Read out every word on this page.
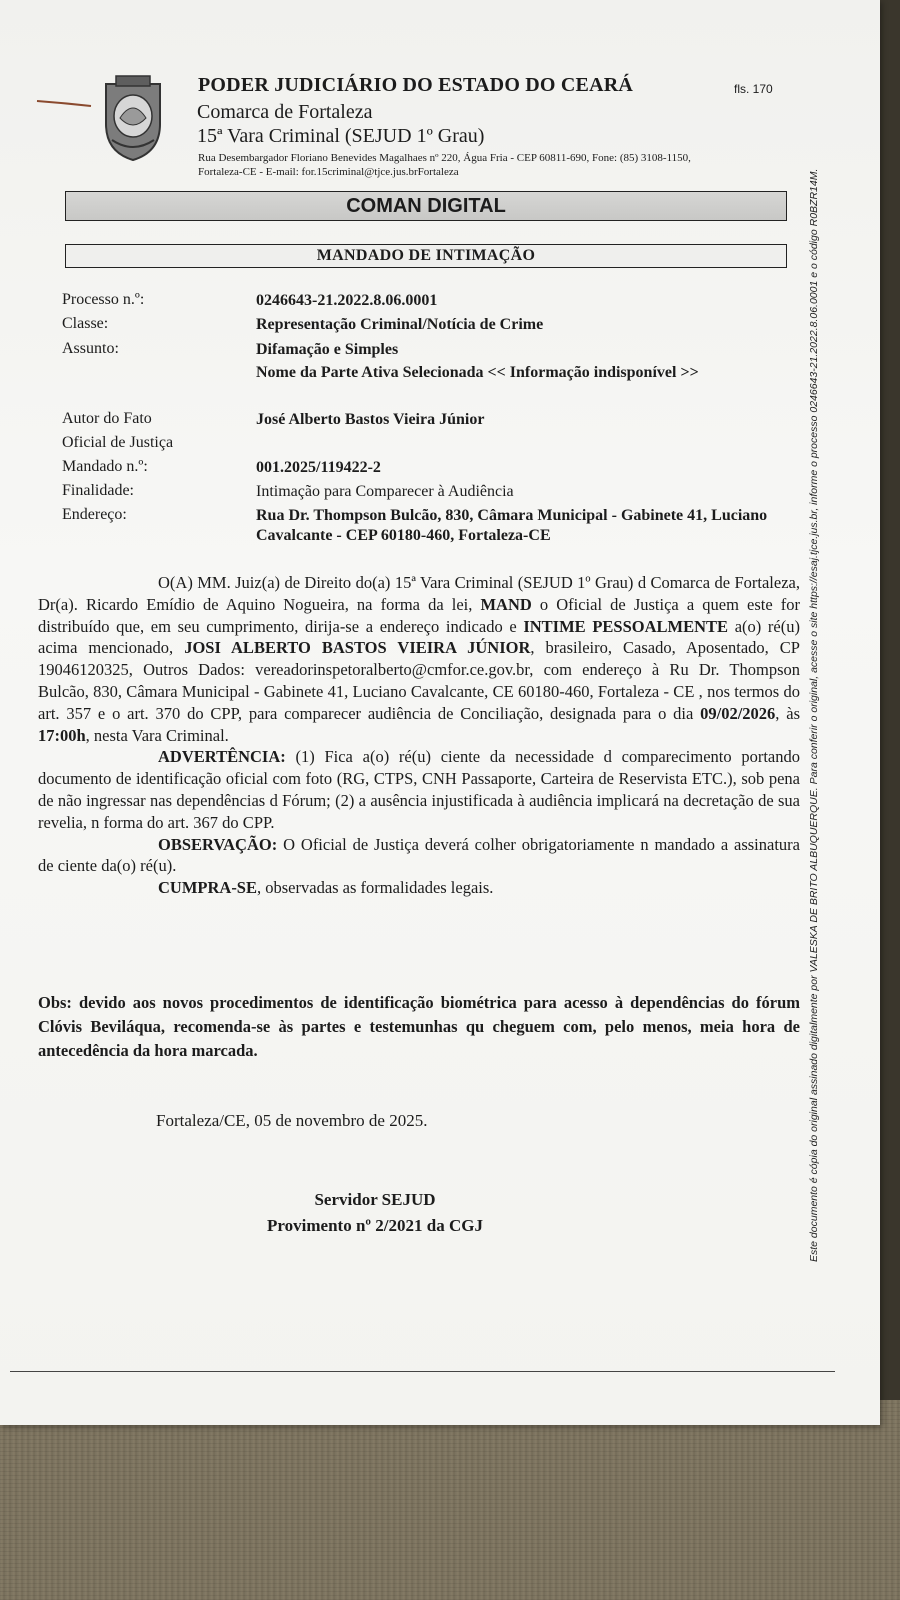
PODER JUDICIÁRIO DO ESTADO DO CEARÁ	fls. 170
Comarca de Fortaleza
15ª Vara Criminal (SEJUD 1º Grau)
Rua Desembargador Floriano Benevides Magalhaes nº 220, Água Fria - CEP 60811-690, Fone: (85) 3108-1150,
Fortaleza-CE - E-mail: for.15criminal@tjce.jus.brFortaleza
COMAN DIGITAL
MANDADO DE INTIMAÇÃO
Processo n.º:	0246643-21.2022.8.06.0001
Classe:	Representação Criminal/Notícia de Crime
Assunto:	Difamação e Simples
Nome da Parte Ativa Selecionada << Informação indisponível >>
Autor do Fato	José Alberto Bastos Vieira Júnior
Oficial de Justiça
Mandado n.º:	001.2025/119422-2
Finalidade:	Intimação para Comparecer à Audiência
Endereço:	Rua Dr. Thompson Bulcão, 830, Câmara Municipal - Gabinete 41, Luciano Cavalcante - CEP 60180-460, Fortaleza-CE

O(A) MM. Juiz(a) de Direito do(a) 15ª Vara Criminal (SEJUD 1º Grau) d Comarca de Fortaleza, Dr(a). Ricardo Emídio de Aquino Nogueira, na forma da lei, MAND o Oficial de Justiça a quem este for distribuído que, em seu cumprimento, dirija-se a endereço indicado e INTIME PESSOALMENTE a(o) ré(u) acima mencionado, JOSI ALBERTO BASTOS VIEIRA JÚNIOR, brasileiro, Casado, Aposentado, CP 19046120325, Outros Dados: vereadorinspetoralberto@cmfor.ce.gov.br, com endereço à Ru Dr. Thompson Bulcão, 830, Câmara Municipal - Gabinete 41, Luciano Cavalcante, CE 60180-460, Fortaleza - CE , nos termos do art. 357 e o art. 370 do CPP, para comparecer audiência de Conciliação, designada para o dia 09/02/2026, às 17:00h, nesta Vara Criminal.

ADVERTÊNCIA: (1) Fica a(o) ré(u) ciente da necessidade d comparecimento portando documento de identificação oficial com foto (RG, CTPS, CNH Passaporte, Carteira de Reservista ETC.), sob pena de não ingressar nas dependências d Fórum; (2) a ausência injustificada à audiência implicará na decretação de sua revelia, n forma do art. 367 do CPP.

OBSERVAÇÃO: O Oficial de Justiça deverá colher obrigatoriamente n mandado a assinatura de ciente da(o) ré(u).

CUMPRA-SE, observadas as formalidades legais.

Obs: devido aos novos procedimentos de identificação biométrica para acesso à dependências do fórum Clóvis Beviláqua, recomenda-se às partes e testemunhas qu cheguem com, pelo menos, meia hora de antecedência da hora marcada.
Fortaleza/CE, 05 de novembro de 2025.
Servidor SEJUD
Provimento nº 2/2021 da CGJ	Este documento é cópia do original assinado digitalmente por VALESKA DE BRITO ALBUQUERQUE. Para conferir o original, acesse o site https://esaj.tjce.jus.br, informe o processo 0246643-21.2022.8.06.0001 e o código R0BZR14M.
